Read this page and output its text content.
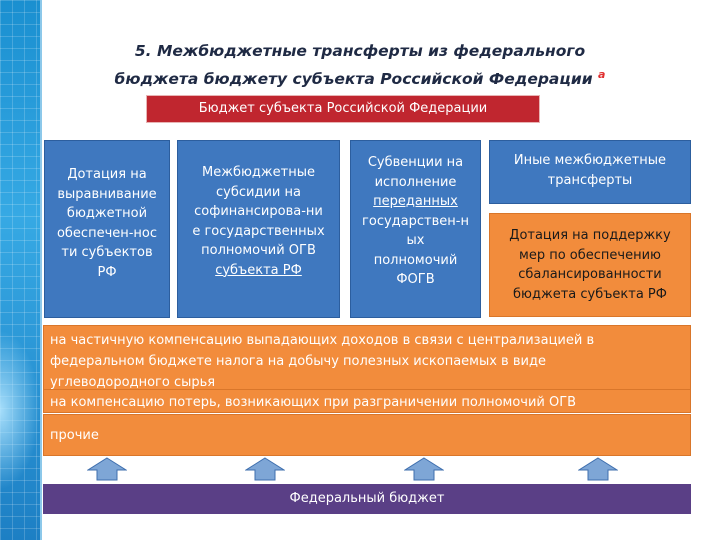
5. Межбюджетные трансферты из федерального
бюджета бюджету субъекта Российской Федерации $^а$
Бюджет субъекта Российской Федерации
Дотация на
выравнивание
бюджетной
обеспечен-нос
ти субъектов
РФ
Межбюджетные
субсидии на
софинансирова-ни
е государственных
полномочий ОГВ
субъекта РФ
Субвенции на
исполнение
переданных
государствен-н
ых
полномочий
ФОГВ
Иные межбюджетные
трансферты
Дотация на поддержку
мер по обеспечению
сбалансированности
бюджета субъекта РФ
на частичную компенсацию выпадающих доходов в связи с централизацией в
федеральном бюджете налога на добычу полезных ископаемых в виде
углеводородного сырья
на компенсацию потерь, возникающих при разграничении полномочий ОГВ
прочие
Федеральный бюджет
